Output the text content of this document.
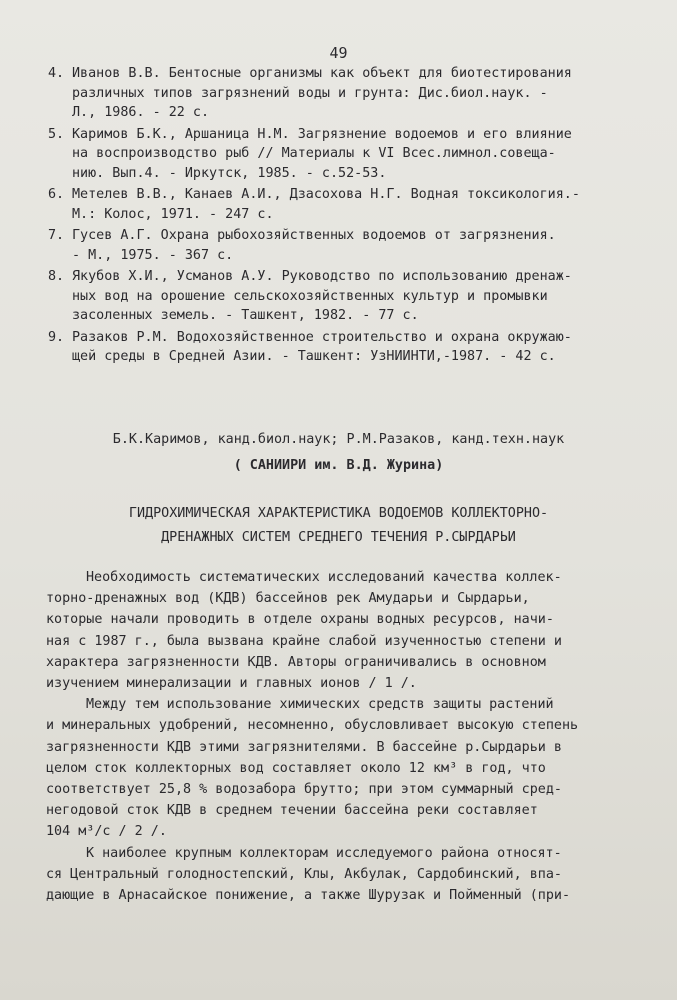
49
4. Иванов В.В. Бентосные организмы как объект для биотестирования
различных типов загрязнений воды и грунта: Дис.биол.наук. -
Л., 1986. - 22 с.
5. Каримов Б.К., Аршаница Н.М. Загрязнение водоемов и его влияние
на воспроизводство рыб // Материалы к VI Всес.лимнол.совеща-
нию. Вып.4. - Иркутск, 1985. - с.52-53.
6. Метелев В.В., Канаев А.И., Дзасохова Н.Г. Водная токсикология.-
М.: Колос, 1971. - 247 с.
7. Гусев А.Г. Охрана рыбохозяйственных водоемов от загрязнения.
- М., 1975. - 367 с.
8. Якубов Х.И., Усманов А.У. Руководство по использованию дренаж-
ных вод на орошение сельскохозяйственных культур и промывки
засоленных земель. - Ташкент, 1982. - 77 с.
9. Разаков Р.М. Водохозяйственное строительство и охрана окружаю-
щей среды в Средней Азии. - Ташкент: УзНИИНТИ,-1987. - 42 с.
Б.К.Каримов, канд.биол.наук; Р.М.Разаков, канд.техн.наук
( САНИИРИ им. В.Д. Журина)
ГИДРОХИМИЧЕСКАЯ ХАРАКТЕРИСТИКА ВОДОЕМОВ КОЛЛЕКТОРНО-
ДРЕНАЖНЫХ СИСТЕМ СРЕДНЕГО ТЕЧЕНИЯ Р.СЫРДАРЬИ
Необходимость систематических исследований качества коллек-
торно-дренажных вод (КДВ) бассейнов рек Амударьи и Сырдарьи,
которые начали проводить в отделе охраны водных ресурсов, начи-
ная с 1987 г., была вызвана крайне слабой изученностью степени и
характера загрязненности КДВ. Авторы ограничивались в основном
изучением минерализации и главных ионов / 1 /.
Между тем использование химических средств защиты растений
и минеральных удобрений, несомненно, обусловливает высокую степень
загрязненности КДВ этими загрязнителями. В бассейне р.Сырдарьи в
целом сток коллекторных вод составляет около 12 км³ в год, что
соответствует 25,8 % водозабора брутто; при этом суммарный сред-
негодовой сток КДВ в среднем течении бассейна реки составляет
104 м³/с / 2 /.
К наиболее крупным коллекторам исследуемого района относят-
ся Центральный голодностепский, Клы, Акбулак, Сардобинский, впа-
дающие в Арнасайское понижение, а также Шурузак и Пойменный (при-
